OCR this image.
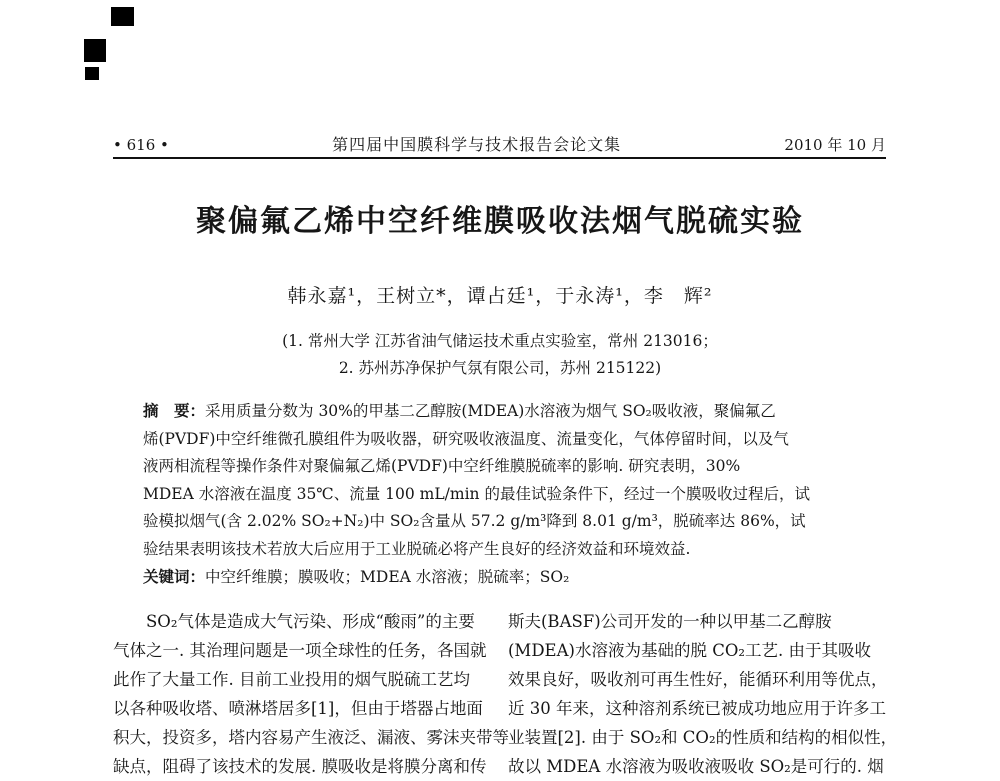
• 616 •	第四届中国膜科学与技术报告会论文集	2010 年 10 月
聚偏氟乙烯中空纤维膜吸收法烟气脱硫实验
韩永嘉¹，王树立*，谭占廷¹，于永涛¹，李　辉²
(1. 常州大学 江苏省油气储运技术重点实验室，常州 213016；
2. 苏州苏净保护气氛有限公司，苏州 215122)
摘　要：采用质量分数为 30%的甲基二乙醇胺(MDEA)水溶液为烟气 SO₂吸收液，聚偏氟乙
烯(PVDF)中空纤维微孔膜组件为吸收器，研究吸收液温度、流量变化，气体停留时间，以及气
液两相流程等操作条件对聚偏氟乙烯(PVDF)中空纤维膜脱硫率的影响. 研究表明，30%
MDEA 水溶液在温度 35℃、流量 100 mL/min 的最佳试验条件下，经过一个膜吸收过程后，试
验模拟烟气(含 2.02% SO₂+N₂)中 SO₂含量从 57.2 g/m³降到 8.01 g/m³，脱硫率达 86%，试
验结果表明该技术若放大后应用于工业脱硫必将产生良好的经济效益和环境效益.
关键词：中空纤维膜；膜吸收；MDEA 水溶液；脱硫率；SO₂
　　SO₂气体是造成大气污染、形成“酸雨”的主要
气体之一. 其治理问题是一项全球性的任务，各国就
此作了大量工作. 目前工业投用的烟气脱硫工艺均
以各种吸收塔、喷淋塔居多[1]，但由于塔器占地面
积大，投资多，塔内容易产生液泛、漏液、雾沫夹带等
缺点，阻碍了该技术的发展. 膜吸收是将膜分离和传
斯夫(BASF)公司开发的一种以甲基二乙醇胺
(MDEA)水溶液为基础的脱 CO₂工艺. 由于其吸收
效果良好，吸收剂可再生性好，能循环利用等优点，
近 30 年来，这种溶剂系统已被成功地应用于许多工
业装置[2]. 由于 SO₂和 CO₂的性质和结构的相似性，
故以 MDEA 水溶液为吸收液吸收 SO₂是可行的. 烟
